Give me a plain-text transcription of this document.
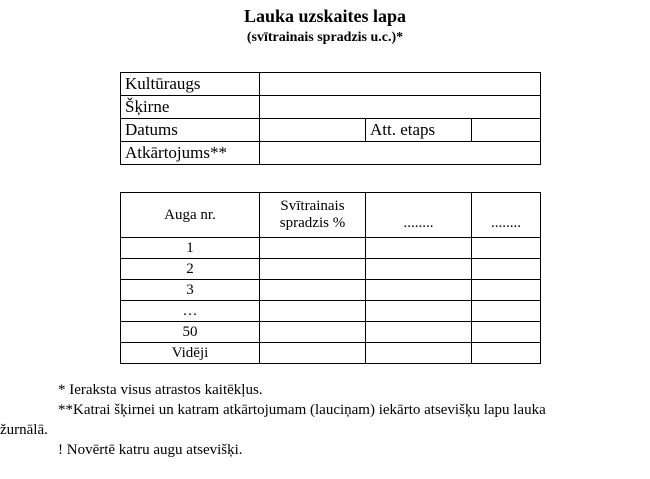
Lauka uzskaites lapa
(svītrainais spradzis u.c.)*
Kultūraugs			
Šķirne			
Datums		Att. etaps	
Atkārtojums**			
Auga nr.	Svītrainais spradzis %	........	........
1			
2			
3			
…			
50			
Vidēji			

* Ieraksta visus atrastos kaitēkļus.

**Katrai šķirnei un katram atkārtojumam (lauciņam) iekārto atsevišķu lapu lauka

žurnālā.

! Novērtē katru augu atsevišķi.
